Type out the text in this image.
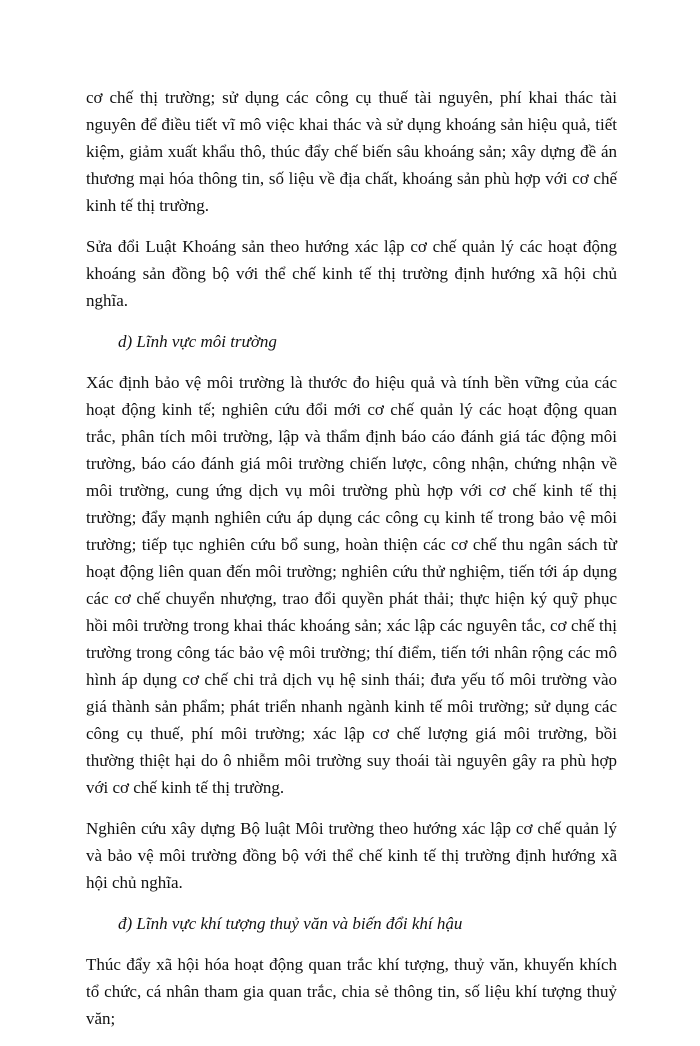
cơ chế thị trường; sử dụng các công cụ thuế tài nguyên, phí khai thác tài nguyên để điều tiết vĩ mô việc khai thác và sử dụng khoáng sản hiệu quả, tiết kiệm, giảm xuất khẩu thô, thúc đẩy chế biến sâu khoáng sản; xây dựng đề án thương mại hóa thông tin, số liệu về địa chất, khoáng sản phù hợp với cơ chế kinh tế thị trường.

Sửa đổi Luật Khoáng sản theo hướng xác lập cơ chế quản lý các hoạt động khoáng sản đồng bộ với thể chế kinh tế thị trường định hướng xã hội chủ nghĩa.

d) Lĩnh vực môi trường

Xác định bảo vệ môi trường là thước đo hiệu quả và tính bền vững của các hoạt động kinh tế; nghiên cứu đổi mới cơ chế quản lý các hoạt động quan trắc, phân tích môi trường, lập và thẩm định báo cáo đánh giá tác động môi trường, báo cáo đánh giá môi trường chiến lược, công nhận, chứng nhận về môi trường, cung ứng dịch vụ môi trường phù hợp với cơ chế kinh tế thị trường; đẩy mạnh nghiên cứu áp dụng các công cụ kinh tế trong bảo vệ môi trường; tiếp tục nghiên cứu bổ sung, hoàn thiện các cơ chế thu ngân sách từ hoạt động liên quan đến môi trường; nghiên cứu thử nghiệm, tiến tới áp dụng các cơ chế chuyển nhượng, trao đổi quyền phát thải; thực hiện ký quỹ phục hồi môi trường trong khai thác khoáng sản; xác lập các nguyên tắc, cơ chế thị trường trong công tác bảo vệ môi trường; thí điểm, tiến tới nhân rộng các mô hình áp dụng cơ chế chi trả dịch vụ hệ sinh thái; đưa yếu tố môi trường vào giá thành sản phẩm; phát triển nhanh ngành kinh tế môi trường; sử dụng các công cụ thuế, phí môi trường; xác lập cơ chế lượng giá môi trường, bồi thường thiệt hại do ô nhiễm môi trường suy thoái tài nguyên gây ra phù hợp với cơ chế kinh tế thị trường.

Nghiên cứu xây dựng Bộ luật Môi trường theo hướng xác lập cơ chế quản lý và bảo vệ môi trường đồng bộ với thể chế kinh tế thị trường định hướng xã hội chủ nghĩa.

đ) Lĩnh vực khí tượng thuỷ văn và biến đổi khí hậu

Thúc đẩy xã hội hóa hoạt động quan trắc khí tượng, thuỷ văn, khuyến khích tổ chức, cá nhân tham gia quan trắc, chia sẻ thông tin, số liệu khí tượng thuỷ văn;
